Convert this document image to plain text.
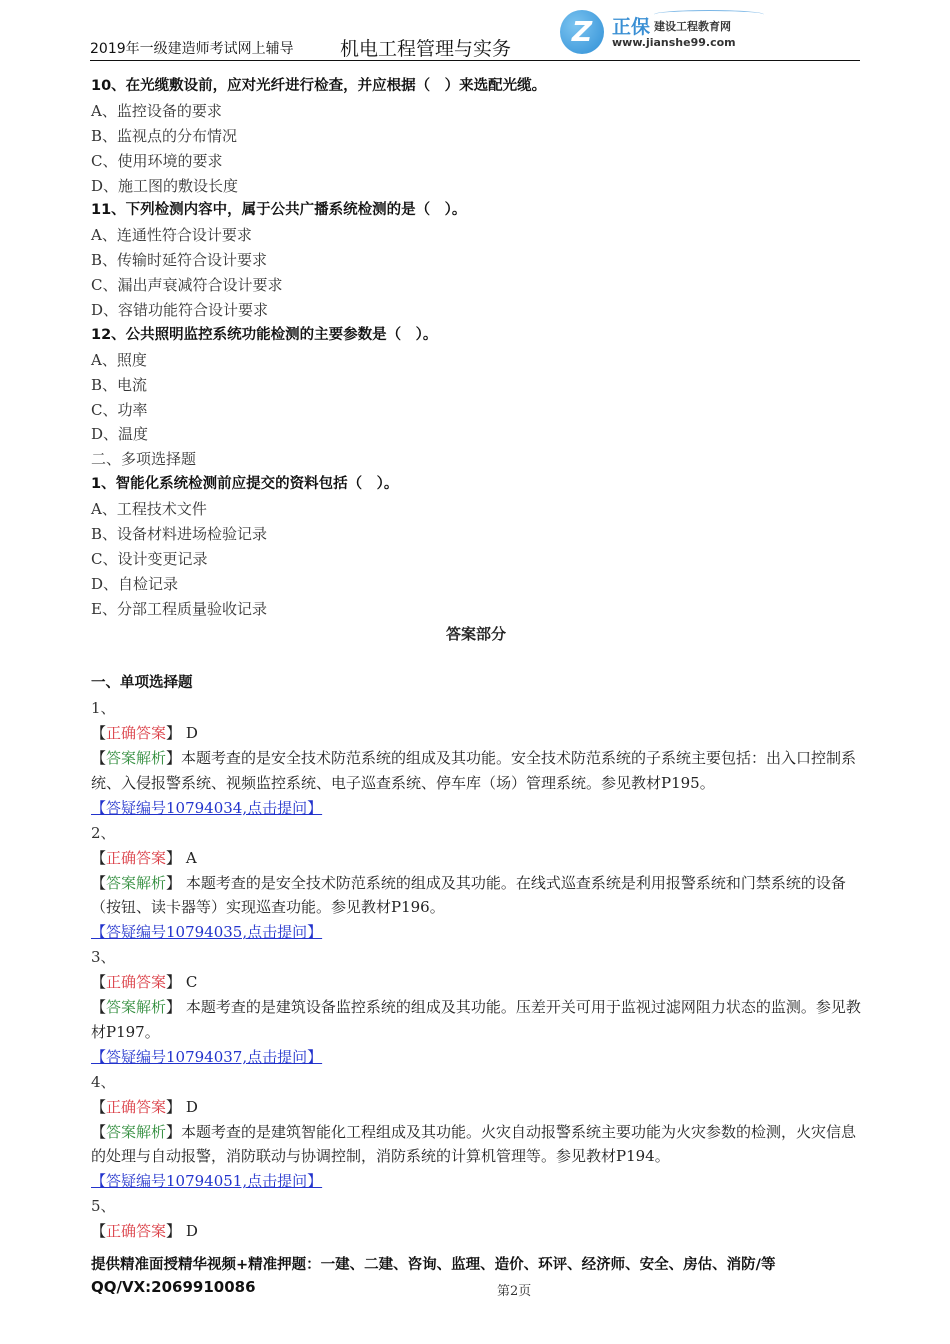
2019年一级建造师考试网上辅导 机电工程管理与实务
Z	正保 建设工程教育网
www.jianshe99.com
10、在光缆敷设前，应对光纤进行检查，并应根据（　）来选配光缆。
A、监控设备的要求
B、监视点的分布情况
C、使用环境的要求
D、施工图的敷设长度
11、下列检测内容中，属于公共广播系统检测的是（　）。
A、连通性符合设计要求
B、传输时延符合设计要求
C、漏出声衰减符合设计要求
D、容错功能符合设计要求
12、公共照明监控系统功能检测的主要参数是（　）。
A、照度
B、电流
C、功率
D、温度
二、多项选择题
1、智能化系统检测前应提交的资料包括（　）。
A、工程技术文件
B、设备材料进场检验记录
C、设计变更记录
D、自检记录
E、分部工程质量验收记录
答案部分
一、单项选择题
1、
【正确答案】 D
【答案解析】本题考查的是安全技术防范系统的组成及其功能。安全技术防范系统的子系统主要包括：出入口控制系统、入侵报警系统、视频监控系统、电子巡查系统、停车库（场）管理系统。参见教材P195。
【答疑编号10794034,点击提问】
2、
【正确答案】 A
【答案解析】 本题考查的是安全技术防范系统的组成及其功能。在线式巡查系统是利用报警系统和门禁系统的设备（按钮、读卡器等）实现巡查功能。参见教材P196。
【答疑编号10794035,点击提问】
3、
【正确答案】 C
【答案解析】 本题考查的是建筑设备监控系统的组成及其功能。压差开关可用于监视过滤网阻力状态的监测。参见教材P197。
【答疑编号10794037,点击提问】
4、
【正确答案】 D
【答案解析】本题考查的是建筑智能化工程组成及其功能。火灾自动报警系统主要功能为火灾参数的检测，火灾信息的处理与自动报警，消防联动与协调控制，消防系统的计算机管理等。参见教材P194。
【答疑编号10794051,点击提问】
5、
【正确答案】 D
提供精准面授精华视频+精准押题：一建、二建、咨询、监理、造价、环评、经济师、安全、房估、消防/等
QQ/VX:2069910086	第2页
